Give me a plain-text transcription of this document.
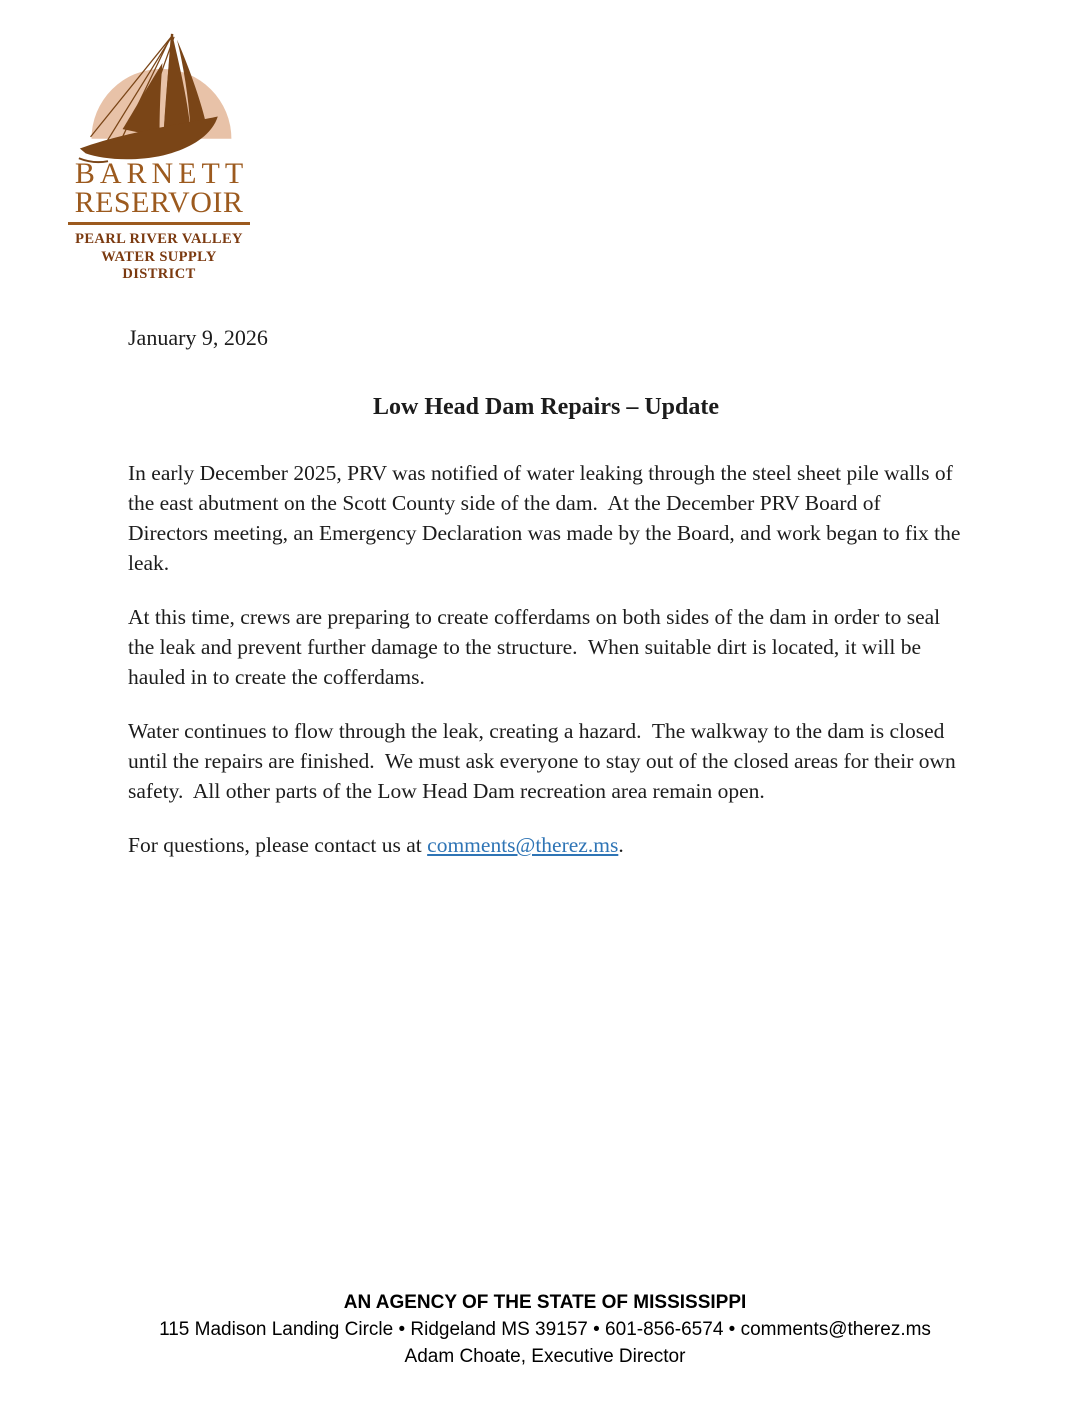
BARNETT
RESERVOIR
PEARL RIVER VALLEY
WATER SUPPLY DISTRICT

January 9, 2026

Low Head Dam Repairs – Update

In early December 2025, PRV was notified of water leaking through the steel sheet pile walls of the east abutment on the Scott County side of the dam.  At the December PRV Board of Directors meeting, an Emergency Declaration was made by the Board, and work began to fix the leak.

At this time, crews are preparing to create cofferdams on both sides of the dam in order to seal the leak and prevent further damage to the structure.  When suitable dirt is located, it will be hauled in to create the cofferdams.

Water continues to flow through the leak, creating a hazard.  The walkway to the dam is closed until the repairs are finished.  We must ask everyone to stay out of the closed areas for their own safety.  All other parts of the Low Head Dam recreation area remain open.

For questions, please contact us at comments@therez.ms.

AN AGENCY OF THE STATE OF MISSISSIPPI
115 Madison Landing Circle • Ridgeland MS 39157 • 601-856-6574 • comments@therez.ms
Adam Choate, Executive Director
